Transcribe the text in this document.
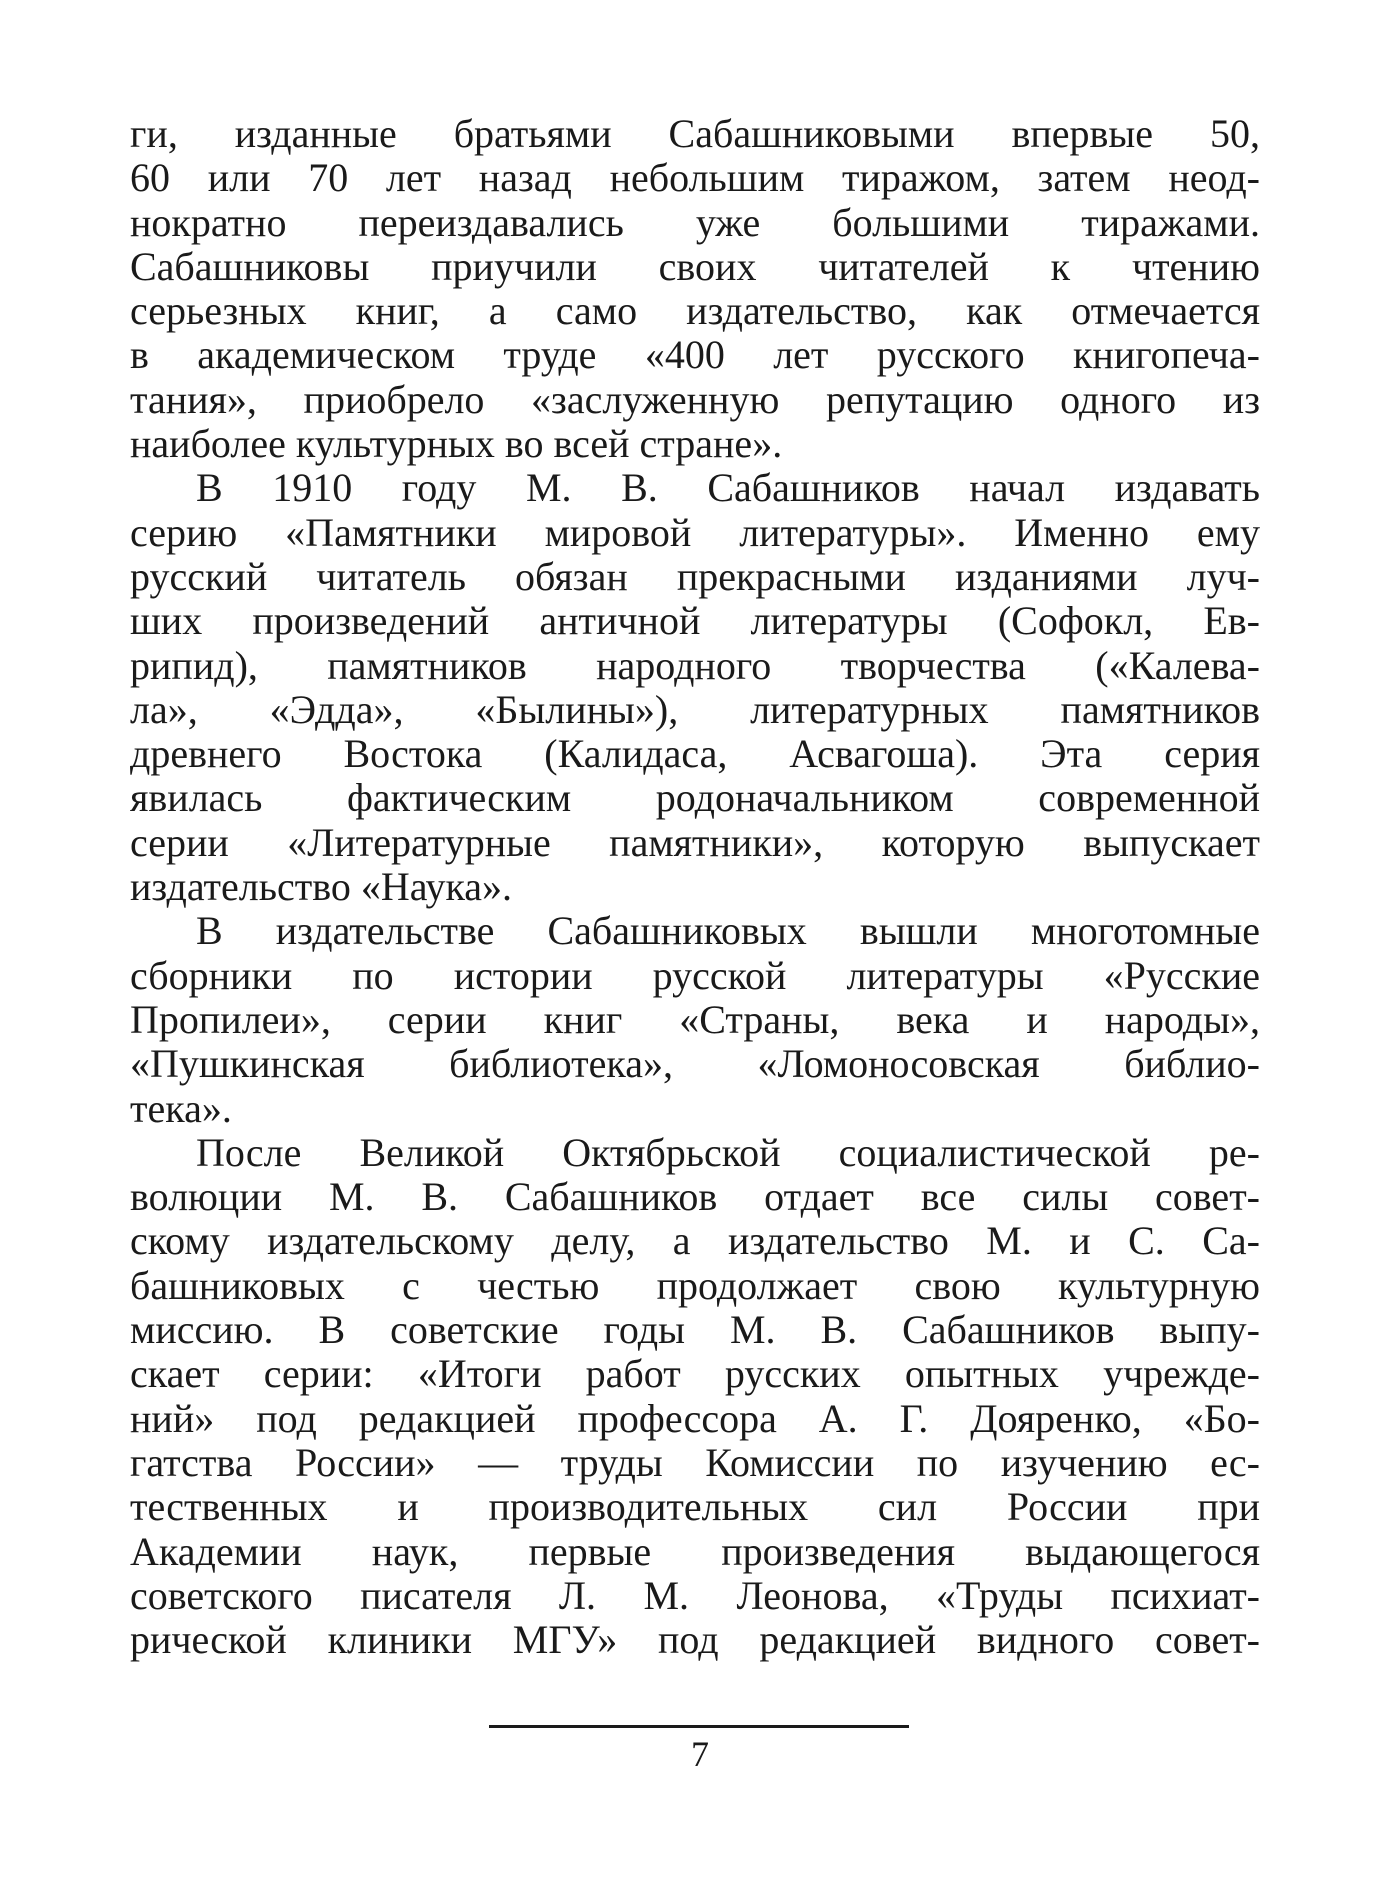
ги, изданные братьями Сабашниковыми впервые 50,
60 или 70 лет назад небольшим тиражом, затем неод-
нократно переиздавались уже большими тиражами.
Сабашниковы приучили своих читателей к чтению
серьезных книг, а само издательство, как отмечается
в академическом труде «400 лет русского книгопеча-
тания», приобрело «заслуженную репутацию одного из
наиболее культурных во всей стране».
В 1910 году М. В. Сабашников начал издавать
серию «Памятники мировой литературы». Именно ему
русский читатель обязан прекрасными изданиями луч-
ших произведений античной литературы (Софокл, Ев-
рипид), памятников народного творчества («Калева-
ла», «Эдда», «Былины»), литературных памятников
древнего Востока (Калидаса, Асвагоша). Эта серия
явилась фактическим родоначальником современной
серии «Литературные памятники», которую выпускает
издательство «Наука».
В издательстве Сабашниковых вышли многотомные
сборники по истории русской литературы «Русские
Пропилеи», серии книг «Страны, века и народы»,
«Пушкинская библиотека», «Ломоносовская библио-
тека».
После Великой Октябрьской социалистической ре-
волюции М. В. Сабашников отдает все силы совет-
скому издательскому делу, а издательство М. и С. Са-
башниковых с честью продолжает свою культурную
миссию. В советские годы М. В. Сабашников выпу-
скает серии: «Итоги работ русских опытных учрежде-
ний» под редакцией профессора А. Г. Дояренко, «Бо-
гатства России» — труды Комиссии по изучению ес-
тественных и производительных сил России при
Академии наук, первые произведения выдающегося
советского писателя Л. М. Леонова, «Труды психиат-
рической клиники МГУ» под редакцией видного совет-
7
